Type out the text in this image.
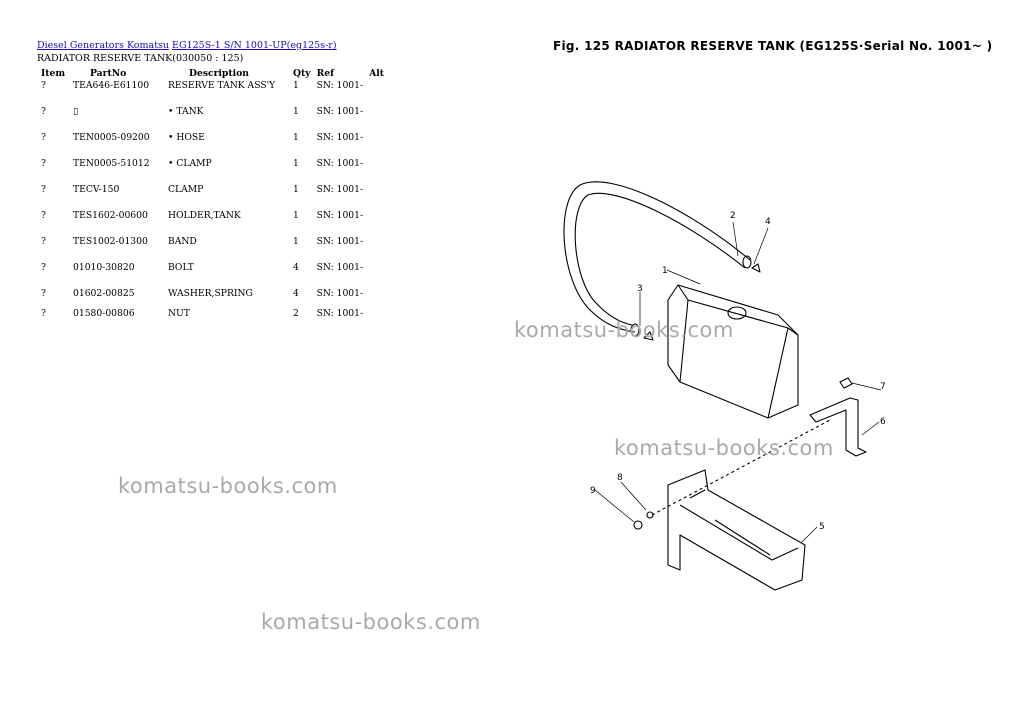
Diesel Generators Komatsu EG125S-1 S/N 1001-UP(eg125s-r)
RADIATOR RESERVE TANK(030050 : 125)
Item	PartNo	Description	Qty	Ref	Alt
?	TEA646-E61100	RESERVE TANK ASS'Y	1	SN: 1001-	
?	▯	• TANK	1	SN: 1001-	
?	TEN0005-09200	• HOSE	1	SN: 1001-	
?	TEN0005-51012	• CLAMP	1	SN: 1001-	
?	TECV-150	CLAMP	1	SN: 1001-	
?	TES1602-00600	HOLDER,TANK	1	SN: 1001-	
?	TES1002-01300	BAND	1	SN: 1001-	
?	01010-30820	BOLT	4	SN: 1001-	
?	01602-00825	WASHER,SPRING	4	SN: 1001-	
?	01580-00806	NUT	2	SN: 1001-	
Fig. 125 RADIATOR RESERVE TANK (EG125S·Serial No. 1001~ )
1
2
3
4
5
6
7
8
9
komatsu-books.com
komatsu-books.com
komatsu-books.com
komatsu-books.com
